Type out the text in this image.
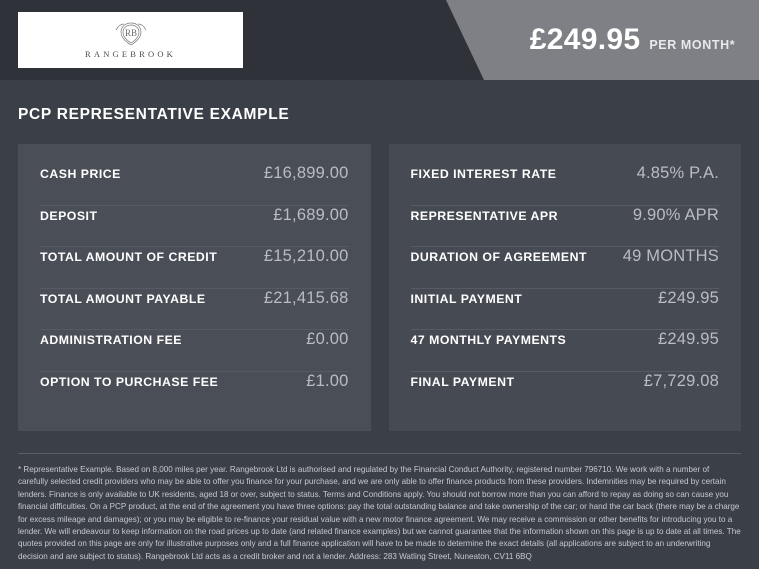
RB
RANGEBROOK	£249.95 PER MONTH*
PCP REPRESENTATIVE EXAMPLE
CASH PRICE	£16,899.00
DEPOSIT	£1,689.00
TOTAL AMOUNT OF CREDIT	£15,210.00
TOTAL AMOUNT PAYABLE	£21,415.68
ADMINISTRATION FEE	£0.00
OPTION TO PURCHASE FEE	£1.00
FIXED INTEREST RATE	4.85% P.A.
REPRESENTATIVE APR	9.90% APR
DURATION OF AGREEMENT 49 MONTHS
INITIAL PAYMENT	£249.95
47 MONTHLY PAYMENTS	£249.95
FINAL PAYMENT	£7,729.08
* Representative Example. Based on 8,000 miles per year. Rangebrook Ltd is authorised and regulated by the Financial Conduct Authority, registered number 796710. We work with a number of carefully selected credit providers who may be able to offer you finance for your purchase, and we are only able to offer finance products from these providers. Indemnities may be required by certain lenders. Finance is only available to UK residents, aged 18 or over, subject to status. Terms and Conditions apply. You should not borrow more than you can afford to repay as doing so can cause you financial difficulties. On a PCP product, at the end of the agreement you have three options: pay the total outstanding balance and take ownership of the car; or hand the car back (there may be a charge for excess mileage and damages); or you may be eligible to re-finance your residual value with a new motor finance agreement. We may receive a commission or other benefits for introducing you to a lender. We will endeavour to keep information on the road prices up to date (and related finance examples) but we cannot guarantee that the information shown on this page is up to date at all times. The quotes provided on this page are only for illustrative purposes only and a full finance application will have to be made to determine the exact details (all applications are subject to an underwriting decision and are subject to status). Rangebrook Ltd acts as a credit broker and not a lender. Address: 283 Watling Street, Nuneaton, CV11 6BQ
